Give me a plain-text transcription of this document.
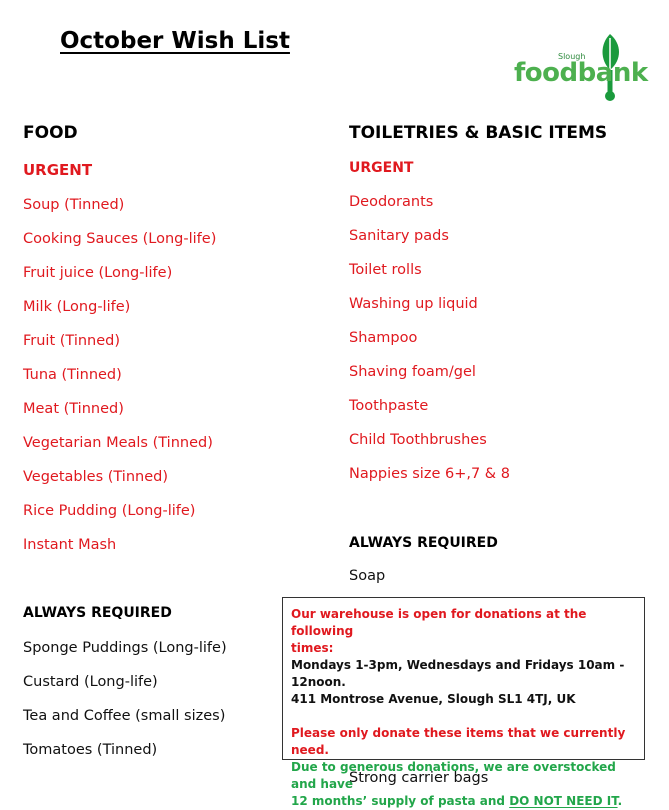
October Wish List
Slough
foodbank
FOOD
URGENT
Soup (Tinned)
Cooking Sauces (Long-life)
Fruit juice (Long-life)
Milk (Long-life)
Fruit (Tinned)
Tuna (Tinned)
Meat (Tinned)
Vegetarian Meals (Tinned)
Vegetables (Tinned)
Rice Pudding (Long-life)
Instant Mash
ALWAYS REQUIRED
Sponge Puddings (Long-life)
Custard (Long-life)
Tea and Coffee (small sizes)
Tomatoes (Tinned)
TOILETRIES & BASIC ITEMS
URGENT
Deodorants
Sanitary pads
Toilet rolls
Washing up liquid
Shampoo
Shaving foam/gel
Toothpaste
Child Toothbrushes
Nappies size 6+,7 & 8
ALWAYS REQUIRED
Soap
Strong carrier bags

Our warehouse is open for donations at the following

times:

Mondays 1-3pm, Wednesdays and Fridays 10am - 12noon.

411 Montrose Avenue, Slough SL1 4TJ, UK

Please only donate these items that we currently need.

Due to generous donations, we are overstocked and have

12 months’ supply of pasta and DO NOT NEED IT.
